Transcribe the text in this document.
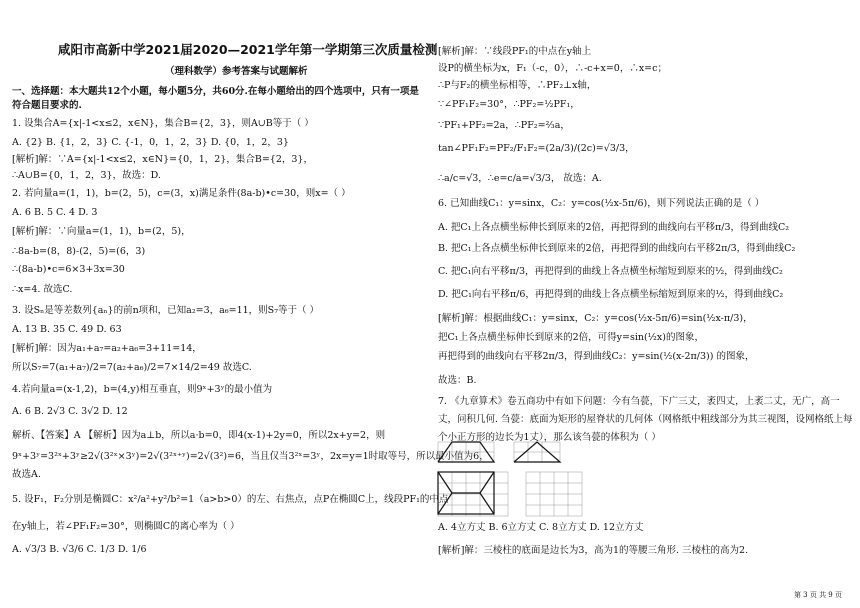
咸阳市高新中学2021届2020—2021学年第一学期第三次质量检测
（理科数学）参考答案与试题解析
一、选择题：本大题共12个小题，每小题5分，共60分.在每小题给出的四个选项中，只有一项是
符合题目要求的.
1. 设集合A={x|-1<x≤2，x∈N}，集合B={2，3}，则A∪B等于（ ）
A. {2} B. {1，2，3} C. {-1，0，1，2，3} D. {0，1，2，3}
[解析]解：∵A={x|-1<x≤2，x∈N}={0，1，2}，集合B={2，3}，
∴A∪B={0，1，2，3}，故选：D.
2. 若向量a=(1，1)，b=(2，5)，c=(3，x)满足条件(8a-b)•c=30，则x=（ ）
A. 6 B. 5 C. 4 D. 3
[解析]解：∵向量a=(1，1)，b=(2，5)，
∴8a-b=(8，8)-(2，5)=(6，3)
∴(8a-b)•c=6×3+3x=30
∴x=4. 故选C.
3. 设Sₙ是等差数列{aₙ}的前n项和，已知a₂=3，a₆=11，则S₇等于（ ）
A. 13 B. 35 C. 49 D. 63
[解析]解：因为a₁+a₇=a₂+a₆=3+11=14，
所以S₇=7(a₁+a₇)/2=7(a₂+a₆)/2=7×14/2=49 故选C.
4.若向量a=(x-1,2)，b=(4,y)相互垂直，则9ˣ+3ʸ的最小值为
A. 6 B. 2√3 C. 3√2 D. 12
解析、【答案】A 【解析】因为a⊥b，所以a·b=0，即4(x-1)+2y=0，所以2x+y=2，则
9ˣ+3ʸ=3²ˣ+3ʸ≥2√(3²ˣ×3ʸ)=2√(3²ˣ⁺ʸ)=2√(3²)=6，当且仅当3²ˣ=3ʸ，2x=y=1时取等号，所以最小值为6，
故选A.
5. 设F₁，F₂分别是椭圆C：x²/a²+y²/b²=1（a>b>0）的左、右焦点，点P在椭圆C上，线段PF₁的中点
在y轴上，若∠PF₁F₂=30°，则椭圆C的离心率为（ ）
A. √3/3 B. √3/6 C. 1/3 D. 1/6
[解析]解：∵线段PF₁的中点在y轴上
设P的横坐标为x，F₁（-c，0），∴-c+x=0，∴x=c；
∴P与F₂的横坐标相等，∴PF₂⊥x轴，
∵∠PF₁F₂=30°，∴PF₂=½PF₁，
∵PF₁+PF₂=2a，∴PF₂=⅔a，
tan∠PF₁F₂=PF₂/F₁F₂=(2a/3)/(2c)=√3/3，
∴a/c=√3，∴e=c/a=√3/3， 故选：A.
6. 已知曲线C₁：y=sinx，C₂：y=cos(½x-5π/6)，则下列说法正确的是（ ）
A. 把C₁上各点横坐标伸长到原来的2倍，再把得到的曲线向右平移π/3，得到曲线C₂
B. 把C₁上各点横坐标伸长到原来的2倍，再把得到的曲线向右平移2π/3，得到曲线C₂
C. 把C₁向右平移π/3，再把得到的曲线上各点横坐标缩短到原来的½，得到曲线C₂
D. 把C₁向右平移π/6，再把得到的曲线上各点横坐标缩短到原来的½，得到曲线C₂
[解析]解：根据曲线C₁：y=sinx，C₂：y=cos(½x-5π/6)=sin(½x-π/3)，
把C₁上各点横坐标伸长到原来的2倍，可得y=sin(½x)的图象，
再把得到的曲线向右平移2π/3，得到曲线C₂：y=sin(½(x-2π/3)) 的图象，
故选：B.
7. 《九章算术》卷五商功中有如下问题：今有刍甍，下广三丈，袤四丈，上袤二丈，无广，高一
丈，问积几何. 刍甍：底面为矩形的屋脊状的几何体（网格纸中粗线部分为其三视图，设网格纸上每
个小正方形的边长为1丈），那么该刍甍的体积为（ ）
A. 4立方丈 B. 6立方丈 C. 8立方丈 D. 12立方丈
[解析]解：三棱柱的底面是边长为3，高为1的等腰三角形. 三棱柱的高为2.
第 3 页 共 9 页
